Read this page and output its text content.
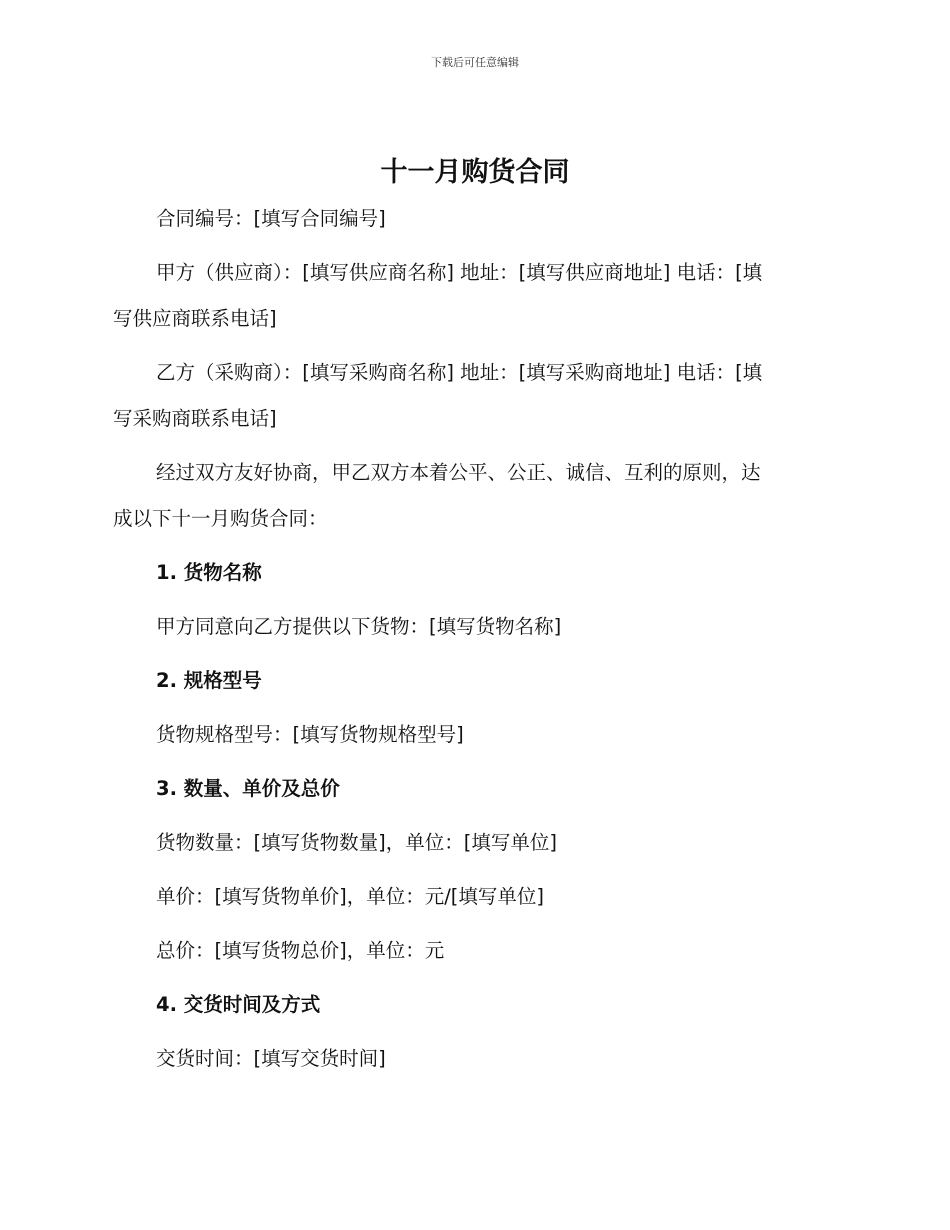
下载后可任意编辑
十一月购货合同

合同编号：[填写合同编号]

甲方（供应商）：[填写供应商名称] 地址：[填写供应商地址] 电话：[填
写供应商联系电话]

乙方（采购商）：[填写采购商名称] 地址：[填写采购商地址] 电话：[填
写采购商联系电话]

经过双方友好协商，甲乙双方本着公平、公正、诚信、互利的原则，达
成以下十一月购货合同：

1. 货物名称

甲方同意向乙方提供以下货物：[填写货物名称]

2. 规格型号

货物规格型号：[填写货物规格型号]

3. 数量、单价及总价

货物数量：[填写货物数量]，单位：[填写单位]

单价：[填写货物单价]，单位：元/[填写单位]

总价：[填写货物总价]，单位：元

4. 交货时间及方式

交货时间：[填写交货时间]
